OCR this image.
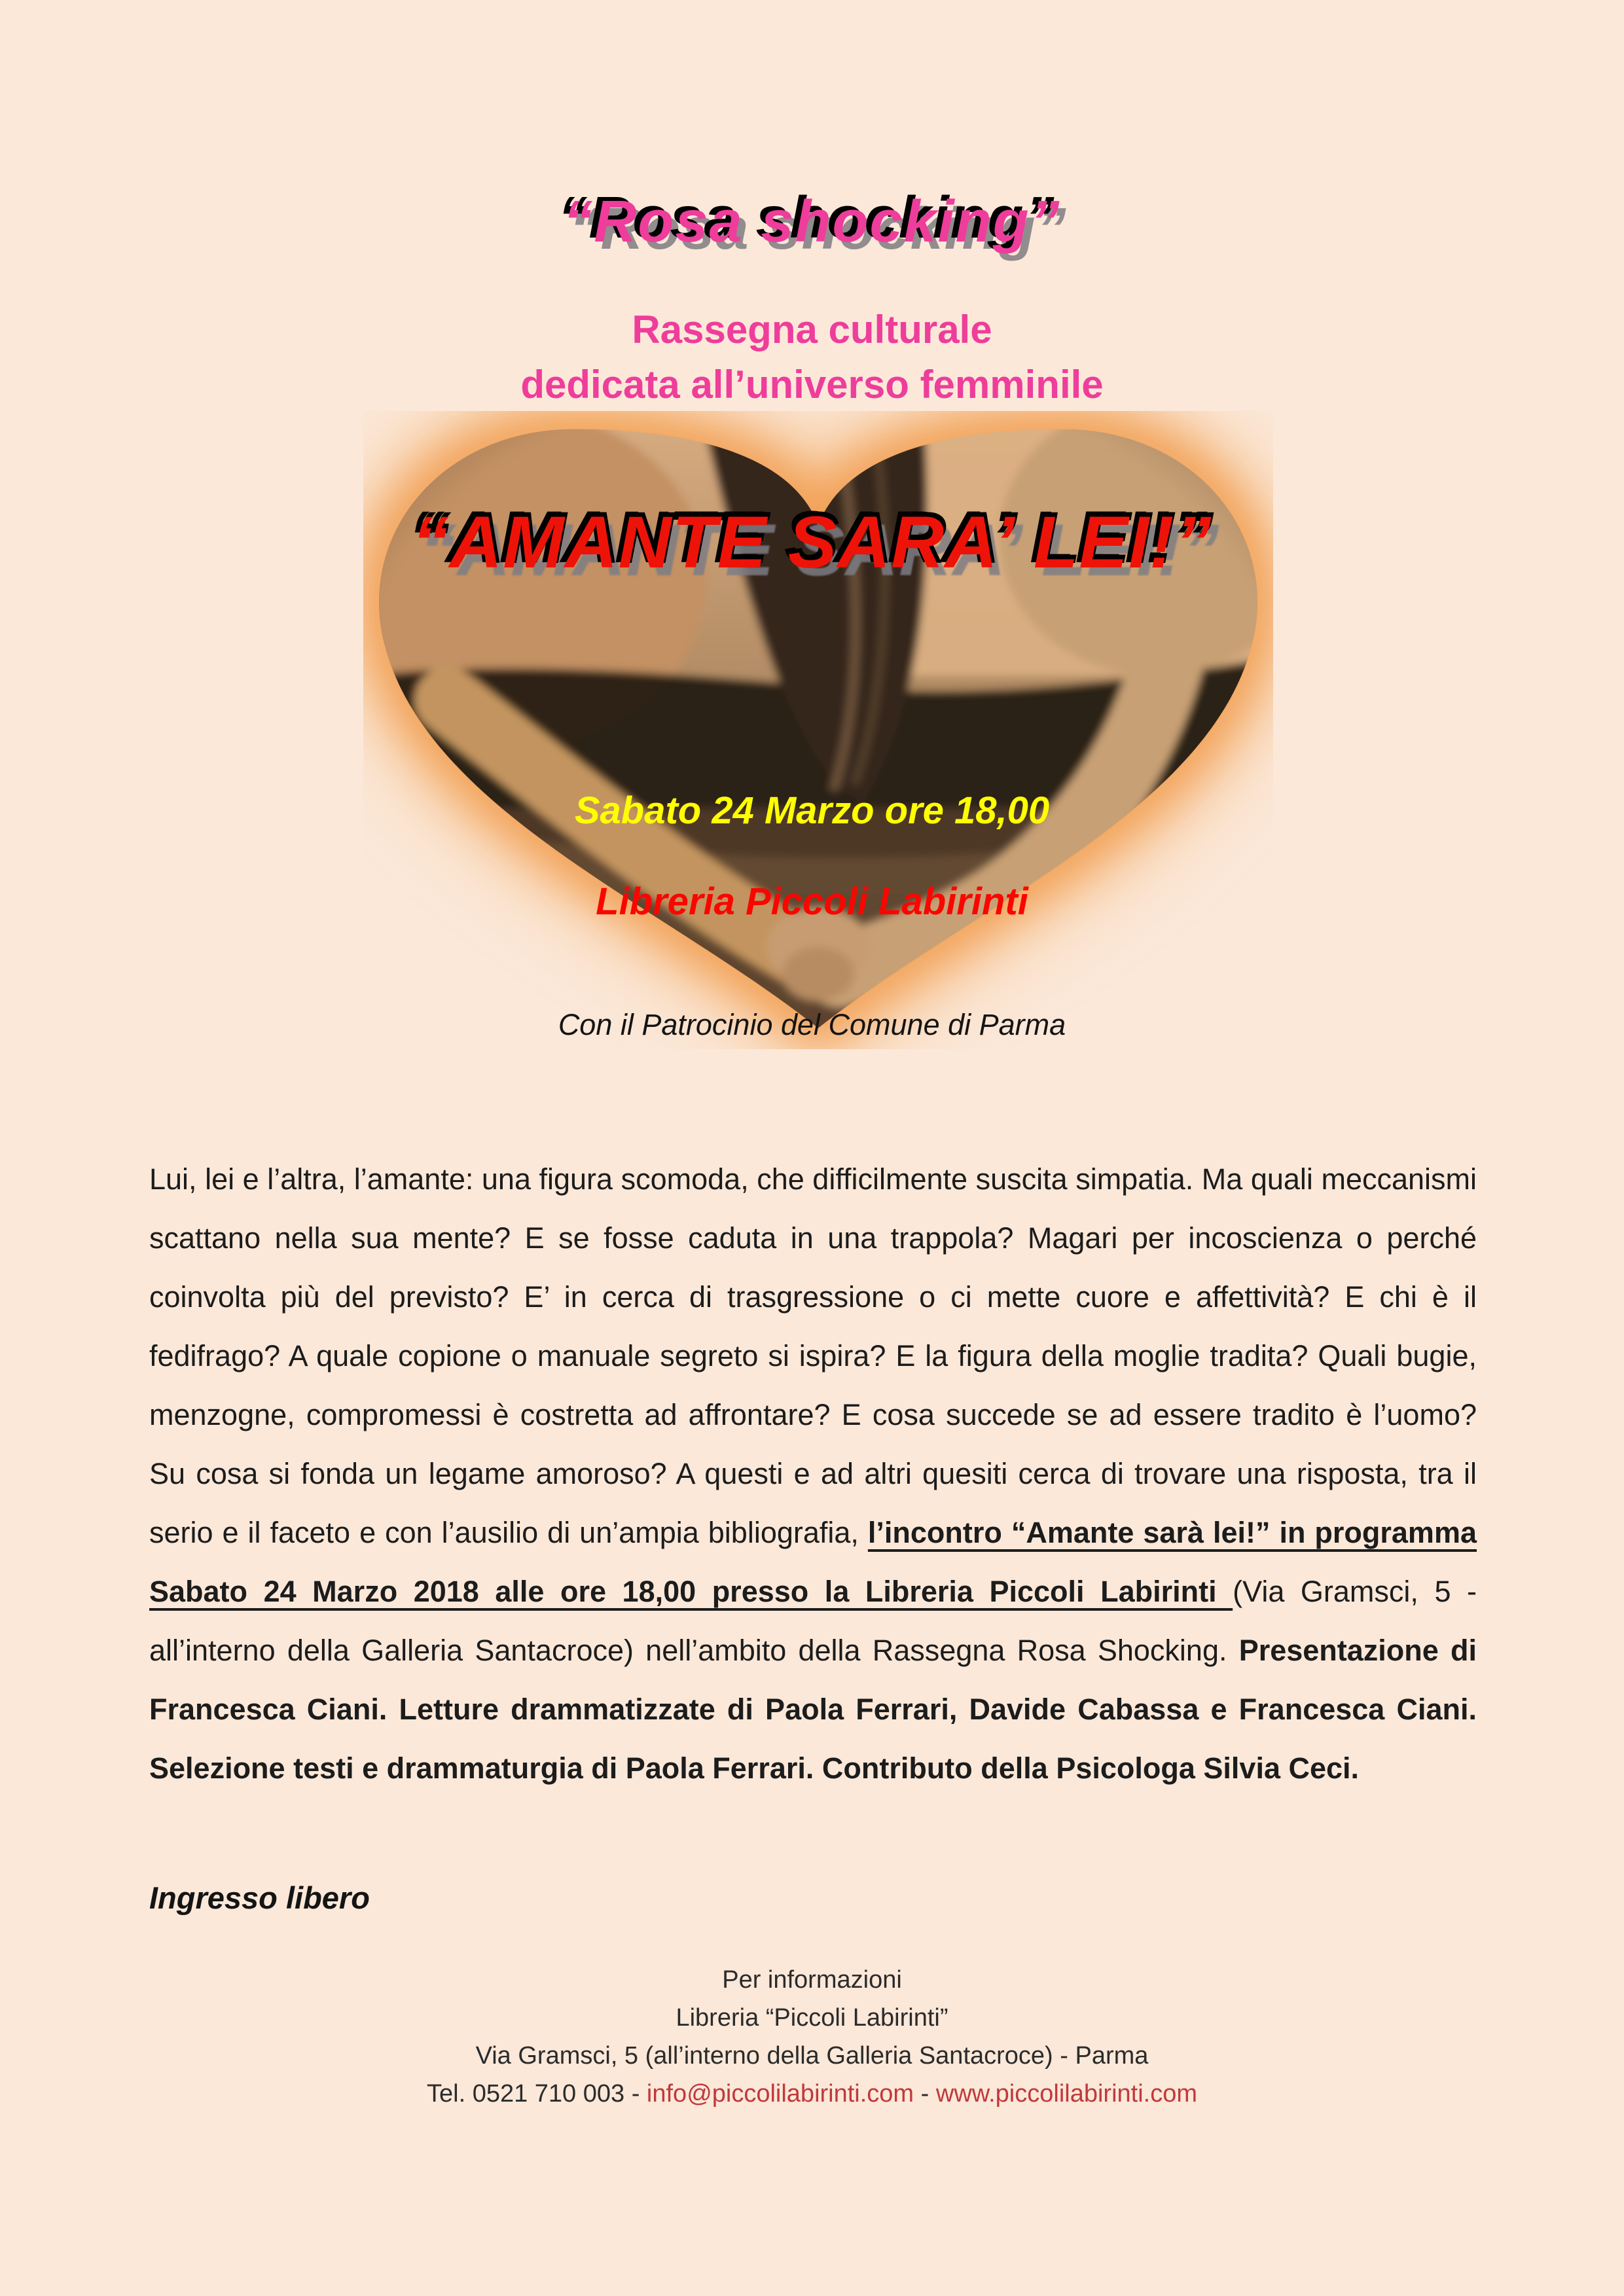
“Rosa shocking”
Rassegna culturale
dedicata all’universo femminile
“AMANTE SARA’ LEI!”
Sabato 24 Marzo ore 18,00
Libreria Piccoli Labirinti
Con il Patrocinio del Comune di Parma

Lui, lei e l’altra, l’amante: una figura scomoda, che difficilmente suscita simpatia. Ma quali meccanismi scattano nella sua mente? E se fosse caduta in una trappola? Magari per incoscienza o perché coinvolta più del previsto? E’ in cerca di trasgressione o ci mette cuore e affettività? E chi è il fedifrago? A quale copione o manuale segreto si ispira? E la figura della moglie tradita? Quali bugie, menzogne, compromessi è costretta ad affrontare? E cosa succede se ad essere tradito è l’uomo? Su cosa si fonda un legame amoroso? A questi e ad altri quesiti cerca di trovare una risposta, tra il serio e il faceto e con l’ausilio di un’ampia bibliografia, l’incontro “Amante sarà lei!” in programma Sabato 24 Marzo 2018 alle ore 18,00 presso la Libreria Piccoli Labirinti (Via Gramsci, 5 - all’interno della Galleria Santacroce) nell’ambito della Rassegna Rosa Shocking. Presentazione di Francesca Ciani. Letture drammatizzate di Paola Ferrari, Davide Cabassa e Francesca Ciani. Selezione testi e drammaturgia di Paola Ferrari. Contributo della Psicologa Silvia Ceci.

Ingresso libero
Per informazioni
Libreria “Piccoli Labirinti”
Via Gramsci, 5 (all’interno della Galleria Santacroce) - Parma
Tel. 0521 710 003 - info@piccolilabirinti.com - www.piccolilabirinti.com
